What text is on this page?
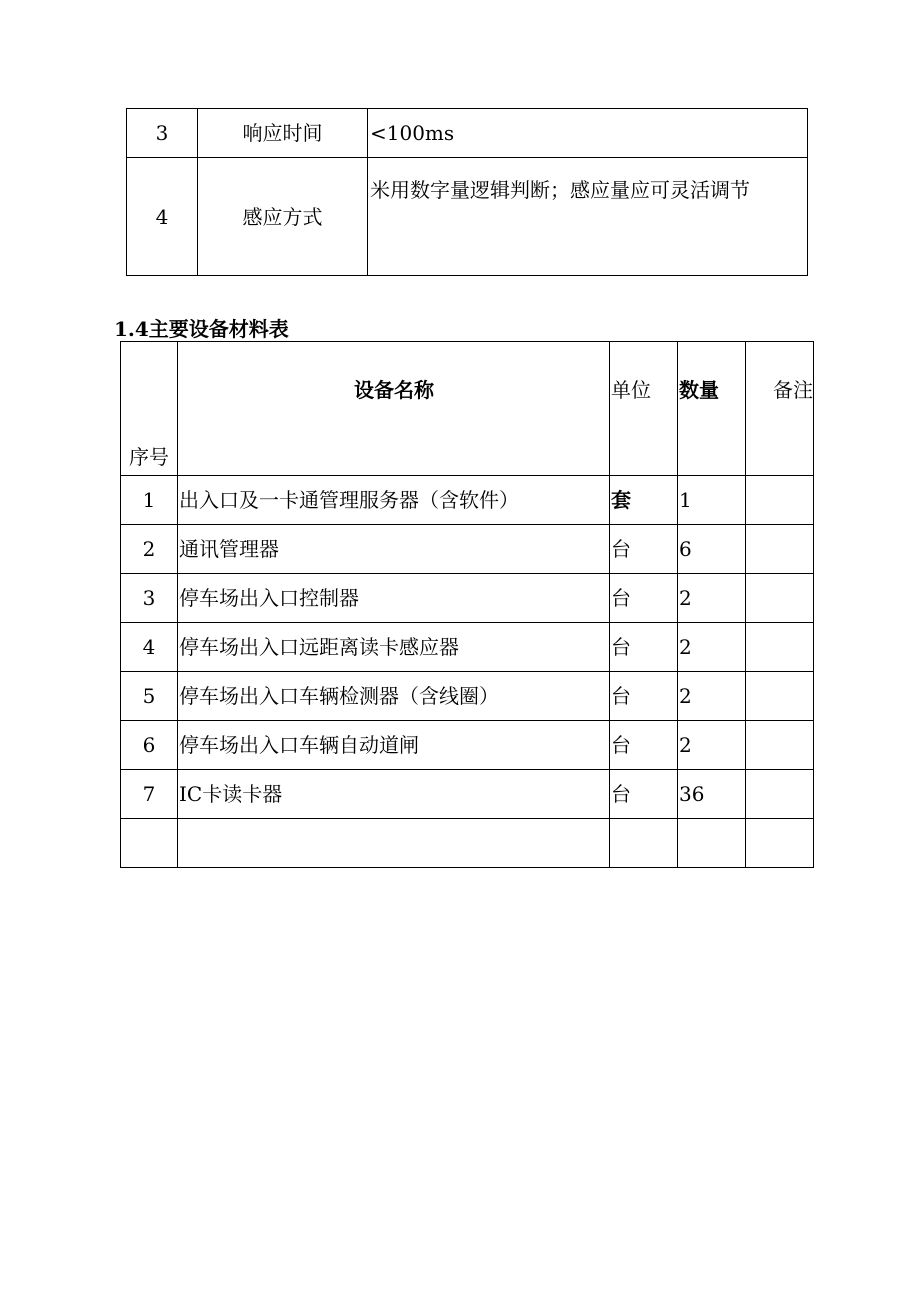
3	响应时间	<100ms
4	感应方式	米用数字量逻辑判断；感应量应可灵活调节
1.4主要设备材料表
序号	设备名称	单位	数量	备注
1	出入口及一卡通管理服务器（含软件）	套	1	
2	通讯管理器	台	6	
3	停车场出入口控制器	台	2	
4	停车场出入口远距离读卡感应器	台	2	
5	停车场出入口车辆检测器（含线圈）	台	2	
6	停车场出入口车辆自动道闸	台	2	
7	IC卡读卡器	台	36	
